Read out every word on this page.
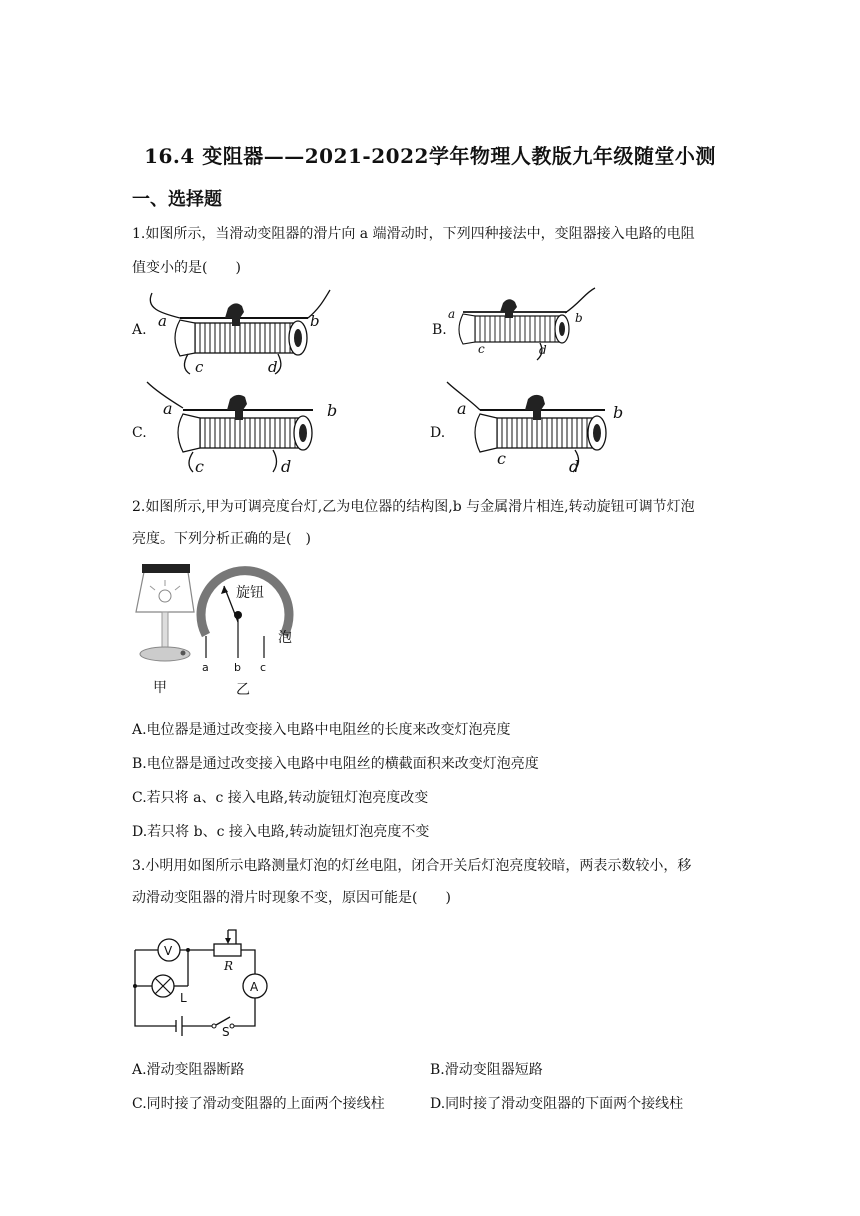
16.4 变阻器——2021-2022学年物理人教版九年级随堂小测
一、选择题
1.如图所示，当滑动变阻器的滑片向 a 端滑动时，下列四种接法中，变阻器接入电路的电阻
值变小的是(　　)
A. a	b
c	d
B.
a	b
c	d
C.
a	b
c	d
D.
a	b
c	d
2.如图所示,甲为可调亮度台灯,乙为电位器的结构图,b 与金属滑片相连,转动旋钮可调节灯泡
亮度。下列分析正确的是(　)
旋钮
泡
a b c
甲	乙
A.电位器是通过改变接入电路中电阻丝的长度来改变灯泡亮度
B.电位器是通过改变接入电路中电阻丝的横截面积来改变灯泡亮度
C.若只将 a、c 接入电路,转动旋钮灯泡亮度改变
D.若只将 b、c 接入电路,转动旋钮灯泡亮度不变
3.小明用如图所示电路测量灯泡的灯丝电阻，闭合开关后灯泡亮度较暗，两表示数较小，移
动滑动变阻器的滑片时现象不变，原因可能是(　　)
V
A
R
L
S
A.滑动变阻器断路	B.滑动变阻器短路
C.同时接了滑动变阻器的上面两个接线柱	D.同时接了滑动变阻器的下面两个接线柱
